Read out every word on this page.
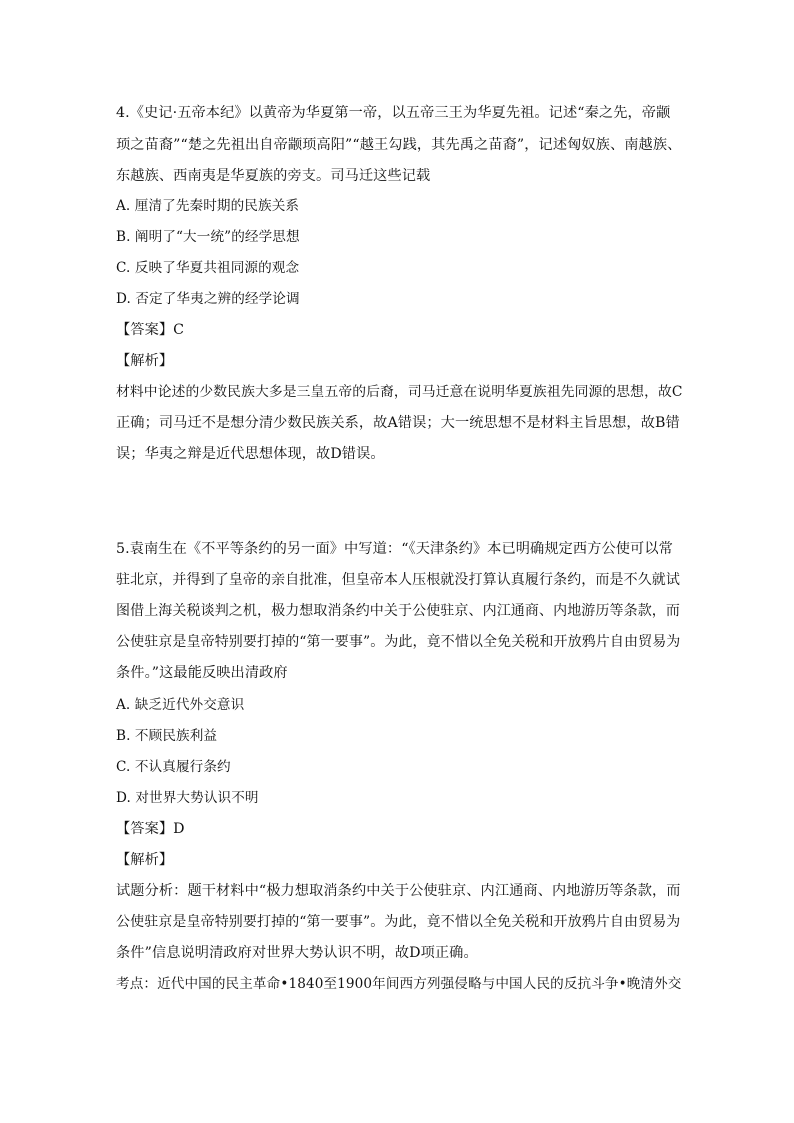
4.《史记·五帝本纪》以黄帝为华夏第一帝，以五帝三王为华夏先祖。记述“秦之先，帝颛
顼之苗裔”“楚之先祖出自帝颛顼高阳”“越王勾践，其先禹之苗裔”，记述匈奴族、南越族、
东越族、西南夷是华夏族的旁支。司马迁这些记载
A. 厘清了先秦时期的民族关系
B. 阐明了“大一统”的经学思想
C. 反映了华夏共祖同源的观念
D. 否定了华夷之辨的经学论调
【答案】C
【解析】
材料中论述的少数民族大多是三皇五帝的后裔，司马迁意在说明华夏族祖先同源的思想，故C
正确；司马迁不是想分清少数民族关系，故A错误；大一统思想不是材料主旨思想，故B错
误；华夷之辩是近代思想体现，故D错误。
5.袁南生在《不平等条约的另一面》中写道：“《天津条约》本已明确规定西方公使可以常
驻北京，并得到了皇帝的亲自批准，但皇帝本人压根就没打算认真履行条约，而是不久就试
图借上海关税谈判之机，极力想取消条约中关于公使驻京、内江通商、内地游历等条款，而
公使驻京是皇帝特别要打掉的“第一要事”。为此，竟不惜以全免关税和开放鸦片自由贸易为
条件。”这最能反映出清政府
A. 缺乏近代外交意识
B. 不顾民族利益
C. 不认真履行条约
D. 对世界大势认识不明
【答案】D
【解析】
试题分析：题干材料中“极力想取消条约中关于公使驻京、内江通商、内地游历等条款，而
公使驻京是皇帝特别要打掉的“第一要事”。为此，竟不惜以全免关税和开放鸦片自由贸易为
条件”信息说明清政府对世界大势认识不明，故D项正确。
考点：近代中国的民主革命•1840至1900年间西方列强侵略与中国人民的反抗斗争•晚清外交
